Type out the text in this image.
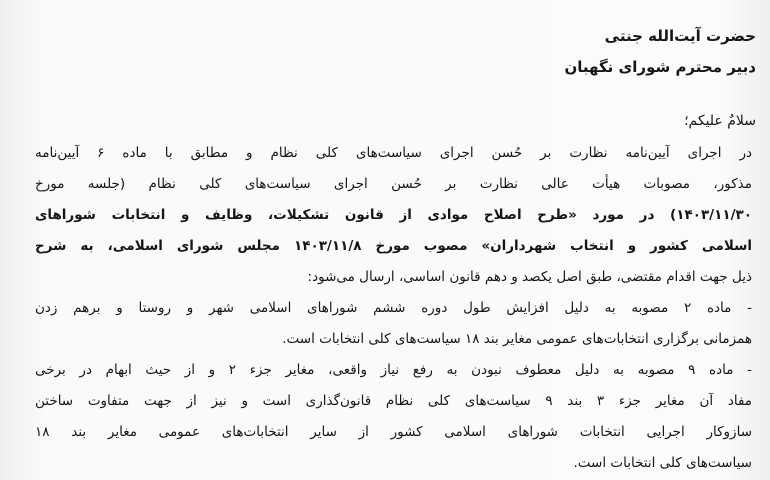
حضرت آیت‌الله جنتی
دبیر محترم شورای نگهبان
سلامٌ علیکم؛
در اجرای آیین‌نامه نظارت بر حُسن اجرای سیاست‌های کلی نظام و مطابق با ماده ۶ آیین‌نامه
مذکور، مصوبات هیأت عالی نظارت بر حُسن اجرای سیاست‌های کلی نظام (جلسه مورخ
۱۴۰۳/۱۱/۳۰) در مورد «طرح اصلاح موادی از قانون تشکیلات، وظایف و انتخابات شوراهای
اسلامی کشور و انتخاب شهرداران» مصوب مورخ ۱۴۰۳/۱۱/۸ مجلس شورای اسلامی، به شرح
ذیل جهت اقدام مقتضی، طبق اصل یکصد و دهم قانون اساسی، ارسال می‌شود:
- ماده ۲ مصوبه به دلیل افزایش طول دوره ششم شوراهای اسلامی شهر و روستا و برهم زدن
همزمانی برگزاری انتخابات‌های عمومی مغایر بند ۱۸ سیاست‌های کلی انتخابات است.
- ماده ۹ مصوبه به دلیل معطوف نبودن به رفع نیاز واقعی، مغایر جزء ۲ و از حیث ابهام در برخی
مفاد آن مغایر جزء ۳ بند ۹ سیاست‌های کلی نظام قانون‌گذاری است و نیز از جهت متفاوت ساختن
سازوکار اجرایی انتخابات شوراهای اسلامی کشور از سایر انتخابات‌های عمومی مغایر بند ۱۸
سیاست‌های کلی انتخابات است.
